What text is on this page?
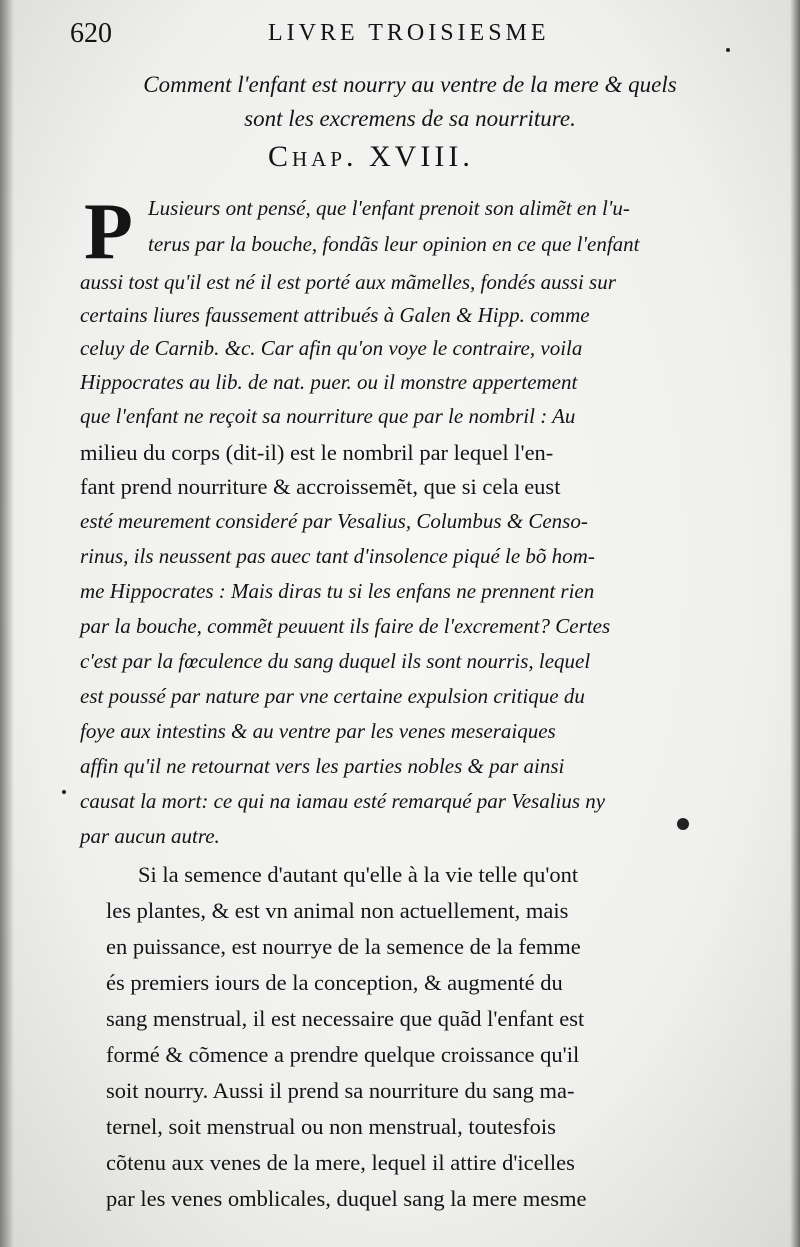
620	LIVRE TROISIESME
Comment l'enfant est nourry au ventre de la mere & quels
sont les excremens de sa nourriture.
Chap. XVIII.
P Lusieurs ont pensé, que l'enfant prenoit son alimẽt en l'u-
terus par la bouche, fondãs leur opinion en ce que l'enfant
aussi tost qu'il est né il est porté aux mãmelles, fondés aussi sur
certains liures faussement attribués à Galen & Hipp. comme
celuy de Carnib. &c. Car afin qu'on voye le contraire, voila
Hippocrates au lib. de nat. puer. ou il monstre appertement
que l'enfant ne reçoit sa nourriture que par le nombril : Au
milieu du corps (dit-il) est le nombril par lequel l'en-
fant prend nourriture & accroissemẽt, que si cela eust
esté meurement consideré par Vesalius, Columbus & Censo-
rinus, ils neussent pas auec tant d'insolence piqué le bõ hom-
me Hippocrates : Mais diras tu si les enfans ne prennent rien
par la bouche, commẽt peuuent ils faire de l'excrement? Certes
c'est par la fœculence du sang duquel ils sont nourris, lequel
est poussé par nature par vne certaine expulsion critique du
foye aux intestins & au ventre par les venes meseraiques
affin qu'il ne retournat vers les parties nobles & par ainsi
causat la mort: ce qui na iamau esté remarqué par Vesalius ny
par aucun autre.
Si la semence d'autant qu'elle à la vie telle qu'ont
les plantes, & est vn animal non actuellement, mais
en puissance, est nourrye de la semence de la femme
és premiers iours de la conception, & augmenté du
sang menstrual, il est necessaire que quãd l'enfant est
formé & cõmence a prendre quelque croissance qu'il
soit nourry. Aussi il prend sa nourriture du sang ma-
ternel, soit menstrual ou non menstrual, toutesfois
cõtenu aux venes de la mere, lequel il attire d'icelles
par les venes omblicales, duquel sang la mere mesme
